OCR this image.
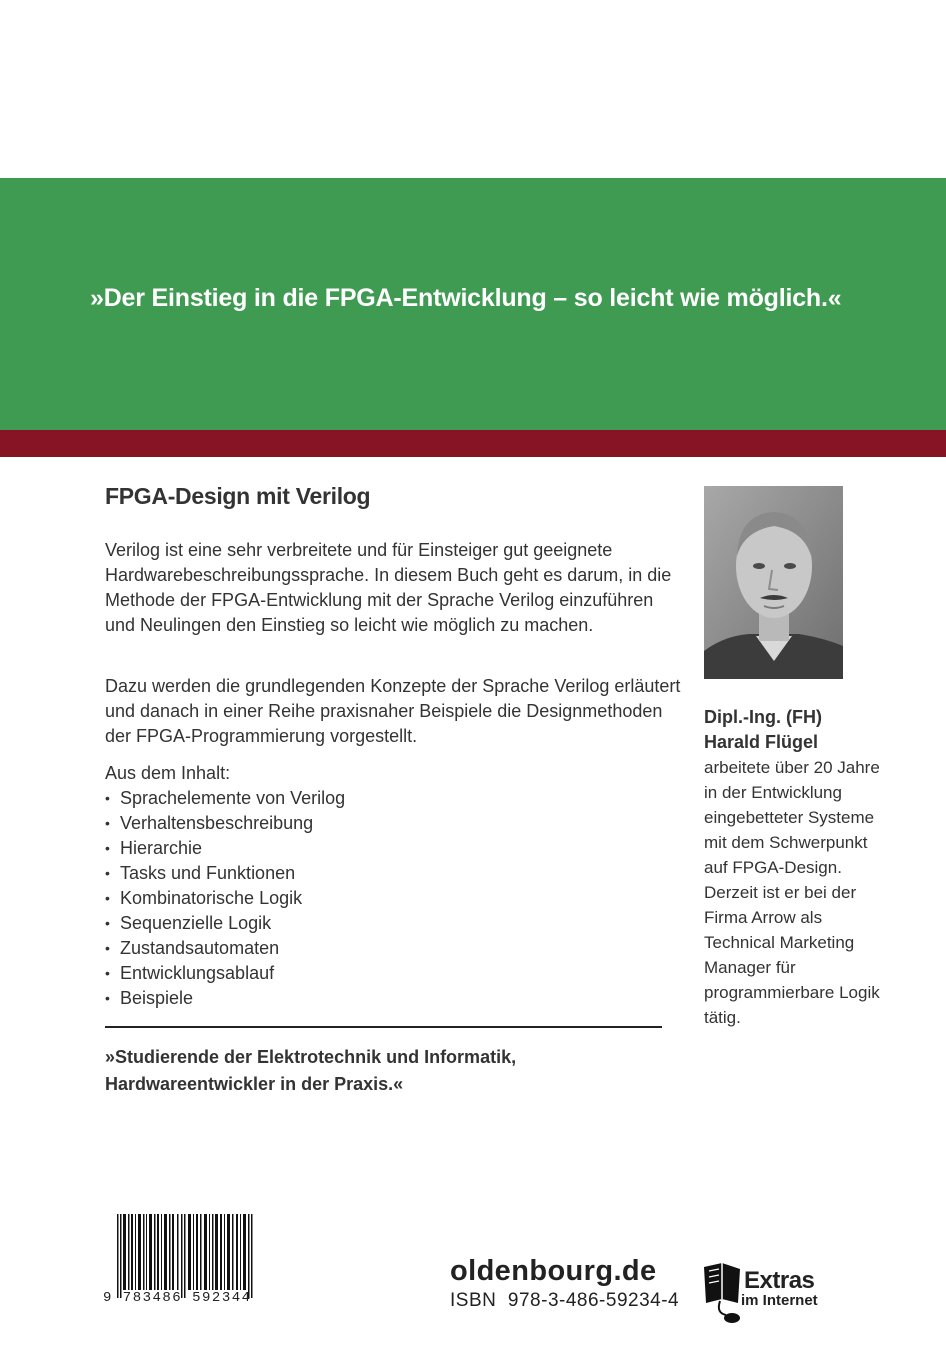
»Der Einstieg in die FPGA-Entwicklung – so leicht wie möglich.«
FPGA-Design mit Verilog

Verilog ist eine sehr verbreitete und für Einsteiger gut geeignete Hardwarebeschreibungssprache. In diesem Buch geht es darum, in die Methode der FPGA-Entwicklung mit der Sprache Verilog einzuführen und Neulingen den Einstieg so leicht wie möglich zu machen.

Dazu werden die grundlegenden Konzepte der Sprache Verilog erläutert und danach in einer Reihe praxisnaher Beispiele die Designmethoden der FPGA-Programmierung vorgestellt.

Aus dem Inhalt:
• Sprachelemente von Verilog
• Verhaltensbeschreibung
• Hierarchie
• Tasks und Funktionen
• Kombinatorische Logik
• Sequenzielle Logik
• Zustandsautomaten
• Entwicklungsablauf
• Beispiele

»Studierende der Elektrotechnik und Informatik, Hardwareentwickler in der Praxis.«

Dipl.-Ing. (FH)
Harald Flügel

arbeitete über 20 Jahre in der Entwicklung eingebetteter Systeme mit dem Schwerpunkt auf FPGA-Design. Derzeit ist er bei der Firma Arrow als Technical Marketing Manager für programmierbare Logik tätig.

9 783486 592344
oldenbourg.de
ISBN 978-3-486-59234-4
Extras
im Internet
